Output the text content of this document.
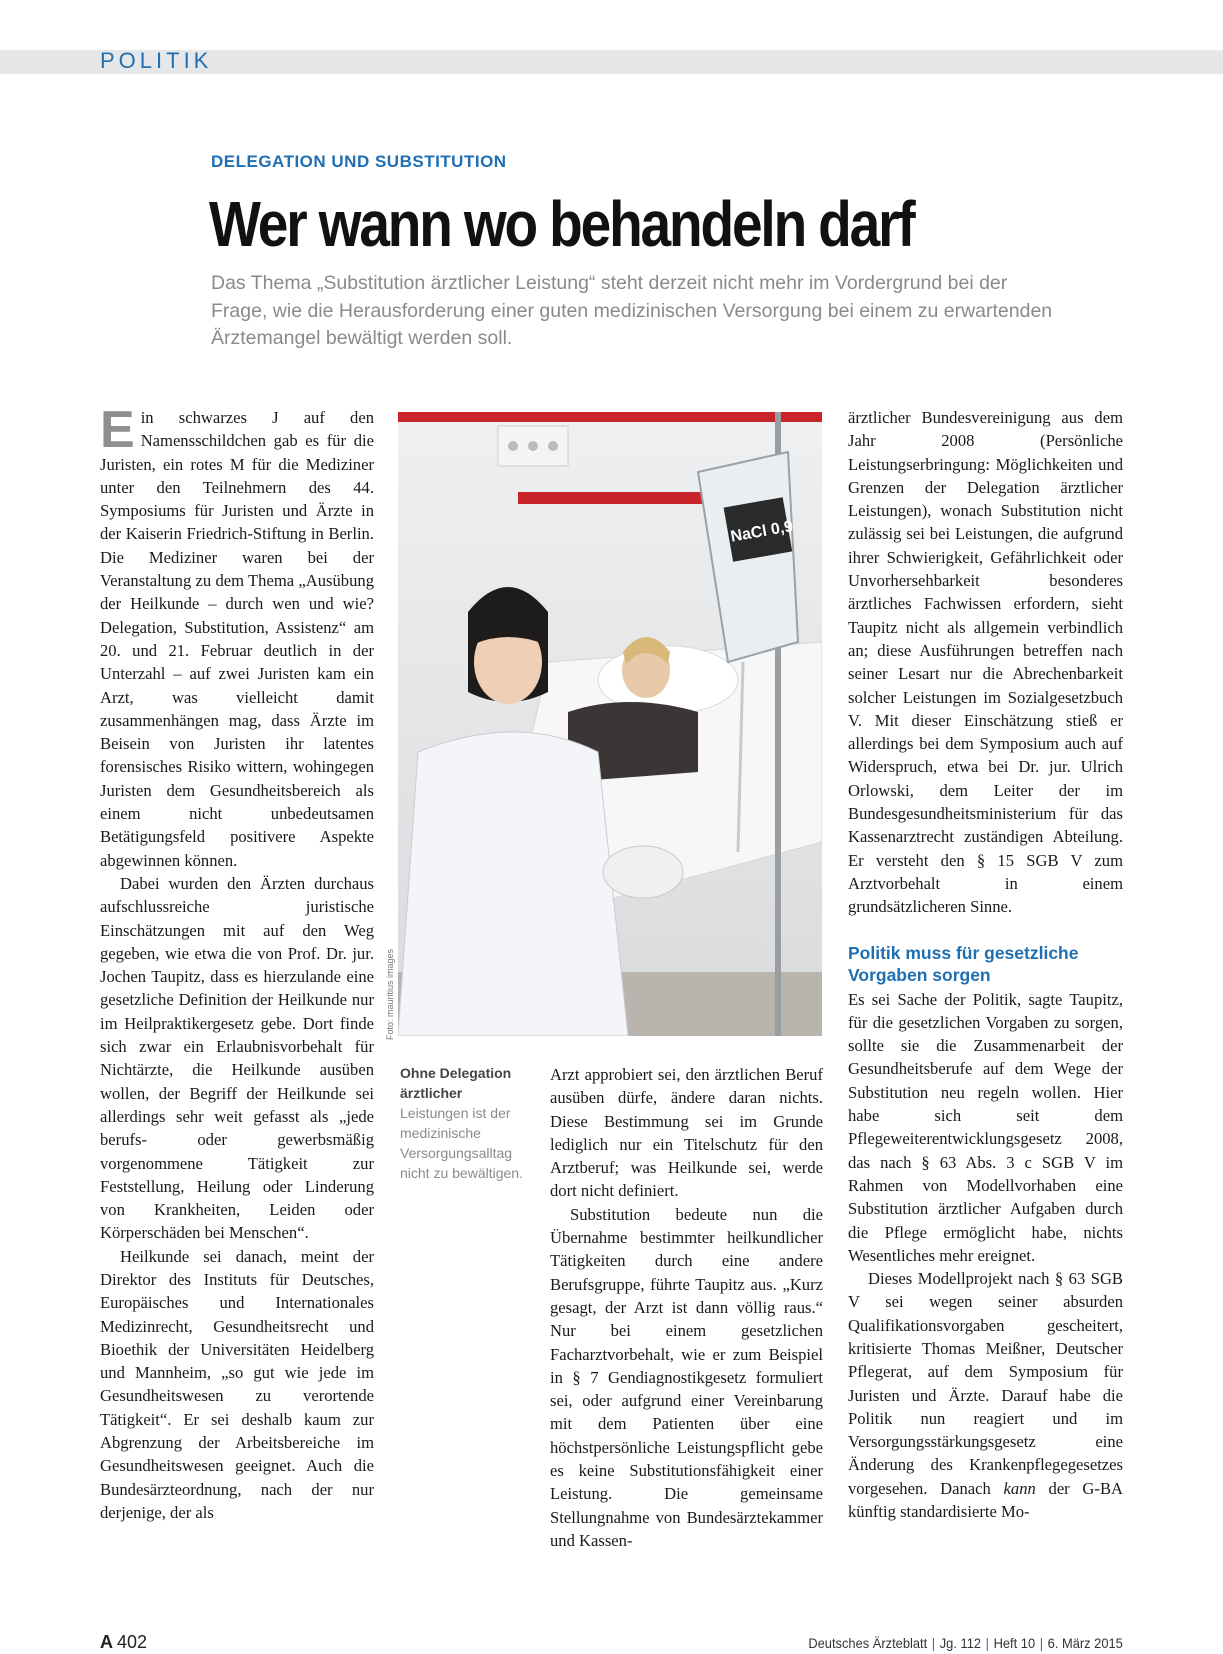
POLITIK
DELEGATION UND SUBSTITUTION
Wer wann wo behandeln darf

Das Thema „Substitution ärztlicher Leistung“ steht derzeit nicht mehr im Vordergrund bei der Frage, wie die Herausforderung einer guten medizinischen Versorgung bei einem zu erwartenden Ärztemangel bewältigt werden soll.

Ein schwarzes J auf den Namensschildchen gab es für die Juristen, ein rotes M für die Mediziner unter den Teilnehmern des 44. Symposiums für Juristen und Ärzte in der Kaiserin Friedrich-Stiftung in Berlin. Die Mediziner waren bei der Veranstaltung zu dem Thema „Ausübung der Heilkunde – durch wen und wie? Delegation, Substitution, Assistenz“ am 20. und 21. Februar deutlich in der Unterzahl – auf zwei Juristen kam ein Arzt, was vielleicht damit zusammenhängen mag, dass Ärzte im Beisein von Juristen ihr latentes forensisches Risiko wittern, wohingegen Juristen dem Gesundheitsbereich als einem nicht unbedeutsamen Betätigungsfeld positivere Aspekte abgewinnen können.

Dabei wurden den Ärzten durchaus aufschlussreiche juristische Einschätzungen mit auf den Weg gegeben, wie etwa die von Prof. Dr. jur. Jochen Taupitz, dass es hierzulande eine gesetzliche Definition der Heilkunde nur im Heilpraktikergesetz gebe. Dort finde sich zwar ein Erlaubnisvorbehalt für Nichtärzte, die Heilkunde ausüben wollen, der Begriff der Heilkunde sei allerdings sehr weit gefasst als „jede berufs- oder gewerbsmäßig vorgenommene Tätigkeit zur Feststellung, Heilung oder Linderung von Krankheiten, Leiden oder Körperschäden bei Menschen“.

Heilkunde sei danach, meint der Direktor des Instituts für Deutsches, Europäisches und Internationales Medizinrecht, Gesundheitsrecht und Bioethik der Universitäten Heidelberg und Mannheim, „so gut wie jede im Gesundheitswesen zu verortende Tätigkeit“. Er sei deshalb kaum zur Abgrenzung der Arbeitsbereiche im Gesundheitswesen geeignet. Auch die Bundesärzteordnung, nach der nur derjenige, der als

NaCl 0,9
Foto: mauritius images

Ohne Delegation ärztlicher Leistungen ist der medizinische Versorgungsalltag nicht zu bewältigen.

Arzt approbiert sei, den ärztlichen Beruf ausüben dürfe, ändere daran nichts. Diese Bestimmung sei im Grunde lediglich nur ein Titelschutz für den Arztberuf; was Heilkunde sei, werde dort nicht definiert.

Substitution bedeute nun die Übernahme bestimmter heilkundlicher Tätigkeiten durch eine andere Berufsgruppe, führte Taupitz aus. „Kurz gesagt, der Arzt ist dann völlig raus.“ Nur bei einem gesetzlichen Facharztvorbehalt, wie er zum Beispiel in § 7 Gendiagnostikgesetz formuliert sei, oder aufgrund einer Vereinbarung mit dem Patienten über eine höchstpersönliche Leistungspflicht gebe es keine Substitutionsfähigkeit einer Leistung. Die gemeinsame Stellungnahme von Bundesärztekammer und Kassen-

ärztlicher Bundesvereinigung aus dem Jahr 2008 (Persönliche Leistungserbringung: Möglichkeiten und Grenzen der Delegation ärztlicher Leistungen), wonach Substitution nicht zulässig sei bei Leistungen, die aufgrund ihrer Schwierigkeit, Gefährlichkeit oder Unvorhersehbarkeit besonderes ärztliches Fachwissen erfordern, sieht Taupitz nicht als allgemein verbindlich an; diese Ausführungen betreffen nach seiner Lesart nur die Abrechenbarkeit solcher Leistungen im Sozialgesetzbuch V. Mit dieser Einschätzung stieß er allerdings bei dem Symposium auch auf Widerspruch, etwa bei Dr. jur. Ulrich Orlowski, dem Leiter der im Bundesgesundheitsministerium für das Kassenarztrecht zuständigen Abteilung. Er versteht den § 15 SGB V zum Arztvorbehalt in einem grundsätzlicheren Sinne.

Politik muss für gesetzliche Vorgaben sorgen

Es sei Sache der Politik, sagte Taupitz, für die gesetzlichen Vorgaben zu sorgen, sollte sie die Zusammenarbeit der Gesundheitsberufe auf dem Wege der Substitution neu regeln wollen. Hier habe sich seit dem Pflegeweiterentwicklungsgesetz 2008, das nach § 63 Abs. 3 c SGB V im Rahmen von Modellvorhaben eine Substitution ärztlicher Aufgaben durch die Pflege ermöglicht habe, nichts Wesentliches mehr ereignet.

Dieses Modellprojekt nach § 63 SGB V sei wegen seiner absurden Qualifikationsvorgaben gescheitert, kritisierte Thomas Meißner, Deutscher Pflegerat, auf dem Symposium für Juristen und Ärzte. Darauf habe die Politik nun reagiert und im Versorgungsstärkungsgesetz eine Änderung des Krankenpflegegesetzes vorgesehen. Danach kann der G-BA künftig standardisierte Mo-

A 402	Deutsches Ärzteblatt | Jg. 112 | Heft 10 | 6. März 2015
